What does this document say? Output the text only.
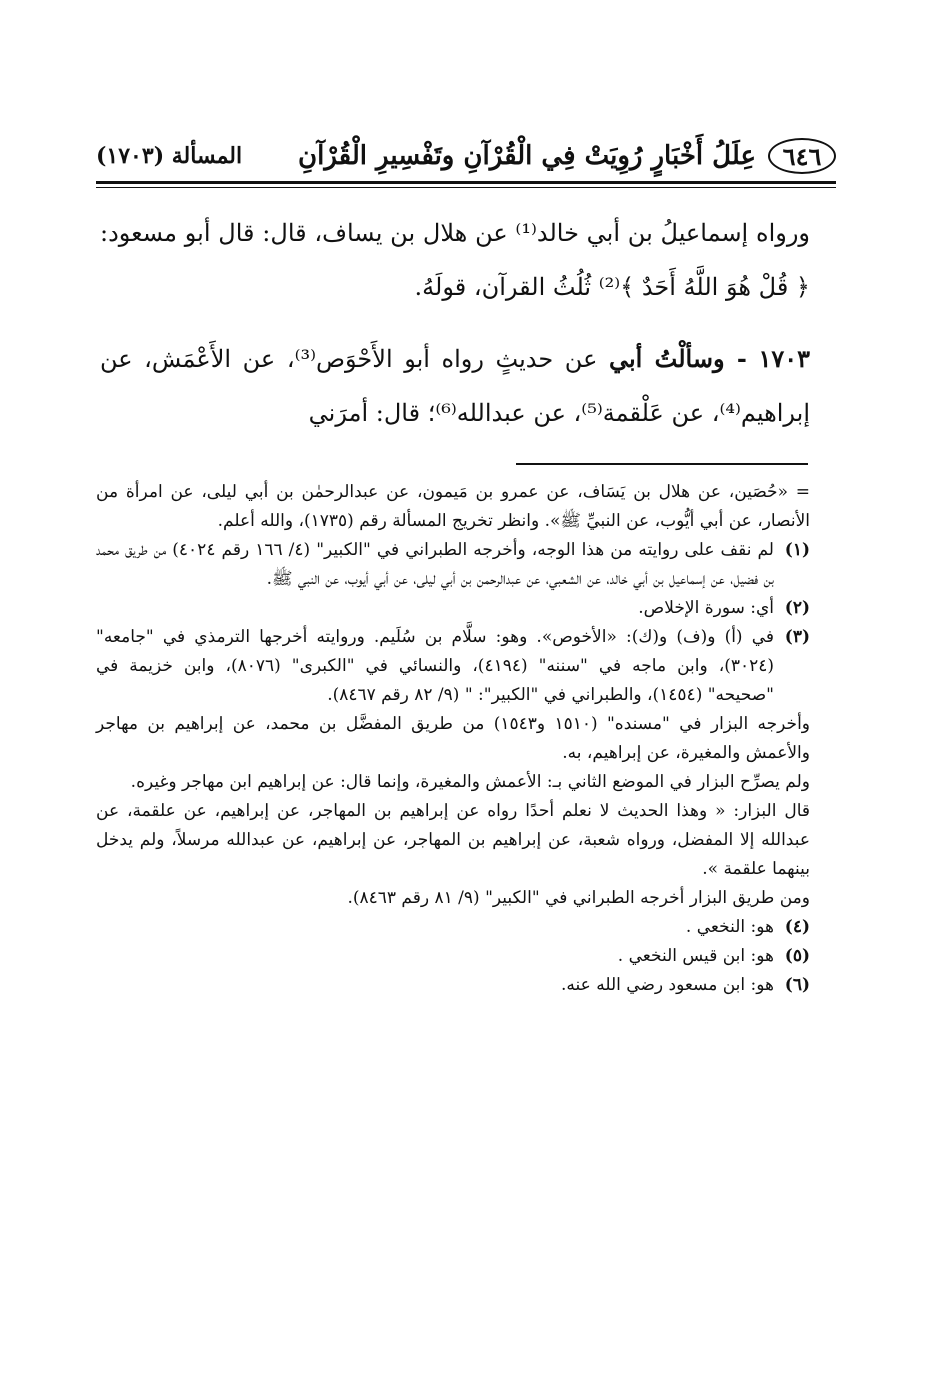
٦٤٦
عِلَلُ أَخْبَارٍ رُوِيَتْ فِي الْقُرْآنِ وتَفْسِيرِ الْقُرْآنِ
المسألة (١٧٠٣)

ورواه إسماعيلُ بن أبي خالد⁽¹⁾ عن هلال بن يساف، قال: قال أبو مسعود: ﴿ قُلْ هُوَ اللَّهُ أَحَدٌ ﴾⁽²⁾ ثُلُثُ القرآن، قولَهُ.

١٧٠٣ - وسألْتُ أبي عن حديثٍ رواه أبو الأَحْوَص⁽³⁾، عن الأَعْمَش، عن إبراهيم⁽⁴⁾، عن عَلْقمة⁽⁵⁾، عن عبدالله⁽⁶⁾؛ قال: أمرَني

= «حُصَين، عن هلال بن يَسَاف، عن عمرو بن مَيمون، عن عبدالرحمٰن بن أبي ليلى، عن امرأة من الأنصار، عن أبي أيُّوب، عن النبيِّ ﷺ». وانظر تخريج المسألة رقم (١٧٣٥)، والله أعلم.
(١)
لم نقف على روايته من هذا الوجه، وأخرجه الطبراني في "الكبير" (٤/ ١٦٦ رقم ٤٠٢٤) من طريق محمد بن فضيل، عن إسماعيل بن أبي خالد، عن الشعبي، عن عبدالرحمن بن أبي ليلى، عن أبي أيوب، عن النبي ﷺ.
(٢)
أي: سورة الإخلاص.
(٣)
في (أ) و(ف) و(ك): «الأخوص». وهو: سلَّام بن سُلَيم. وروايته أخرجها الترمذي في "جامعه" (٣٠٢٤)، وابن ماجه في "سننه" (٤١٩٤)، والنسائي في "الكبرى" (٨٠٧٦)، وابن خزيمة في "صحيحه" (١٤٥٤)، والطبراني في "الكبير": " (٩/ ٨٢ رقم ٨٤٦٧).
وأخرجه البزار في "مسنده" (١٥١٠ و١٥٤٣) من طريق المفضَّل بن محمد، عن إبراهيم بن مهاجر والأعمش والمغيرة، عن إبراهيم، به.
ولم يصرِّح البزار في الموضع الثاني بـ: الأعمش والمغيرة، وإنما قال: عن إبراهيم ابن مهاجر وغيره.
قال البزار: « وهذا الحديث لا نعلم أحدًا رواه عن إبراهيم بن المهاجر، عن إبراهيم، عن علقمة، عن عبدالله إلا المفضل، ورواه شعبة، عن إبراهيم بن المهاجر، عن إبراهيم، عن عبدالله مرسلاً، ولم يدخل بينهما علقمة ».
ومن طريق البزار أخرجه الطبراني في "الكبير" (٩/ ٨١ رقم ٨٤٦٣).
(٤)
هو: النخعي .
(٥)
هو: ابن قيس النخعي .
(٦)
هو: ابن مسعود رضي الله عنه.
